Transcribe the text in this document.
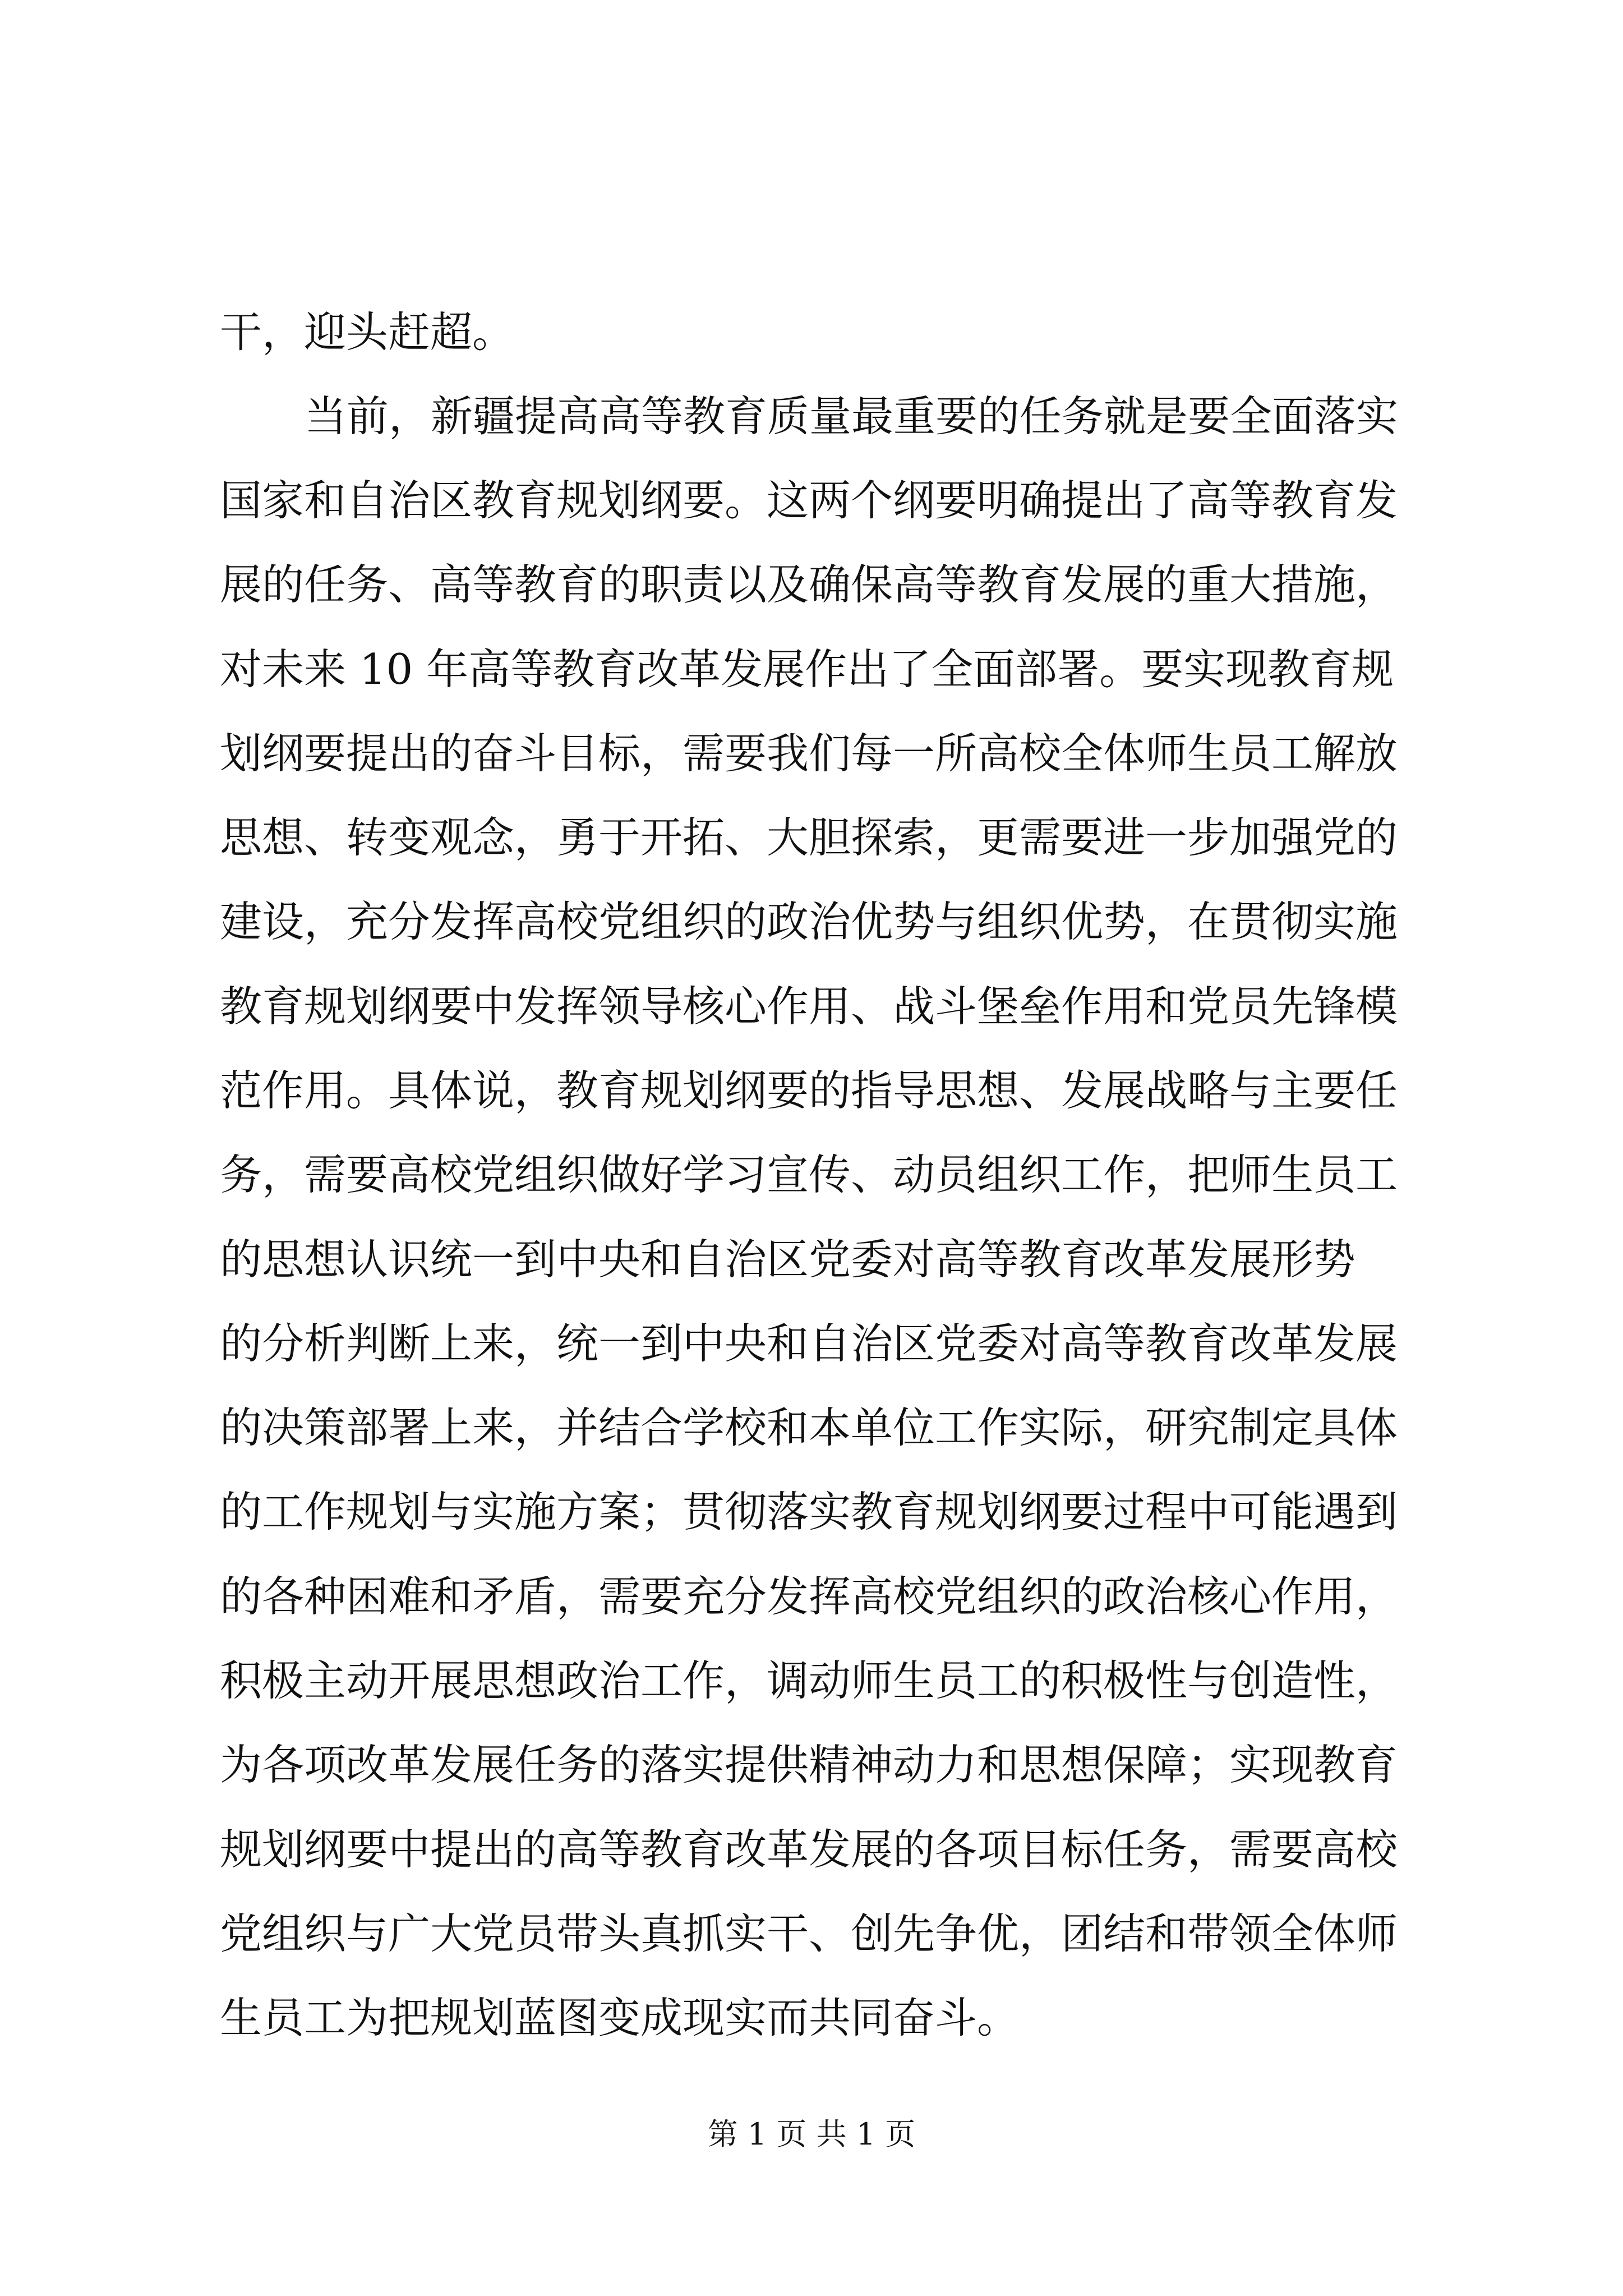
干，迎头赶超。
当前，新疆提高高等教育质量最重要的任务就是要全面落实
国家和自治区教育规划纲要。这两个纲要明确提出了高等教育发
展的任务、高等教育的职责以及确保高等教育发展的重大措施，
对未来 10 年高等教育改革发展作出了全面部署。要实现教育规
划纲要提出的奋斗目标，需要我们每一所高校全体师生员工解放
思想、转变观念，勇于开拓、大胆探索，更需要进一步加强党的
建设，充分发挥高校党组织的政治优势与组织优势，在贯彻实施
教育规划纲要中发挥领导核心作用、战斗堡垒作用和党员先锋模
范作用。具体说，教育规划纲要的指导思想、发展战略与主要任
务，需要高校党组织做好学习宣传、动员组织工作，把师生员工
的思想认识统一到中央和自治区党委对高等教育改革发展形势
的分析判断上来，统一到中央和自治区党委对高等教育改革发展
的决策部署上来，并结合学校和本单位工作实际，研究制定具体
的工作规划与实施方案；贯彻落实教育规划纲要过程中可能遇到
的各种困难和矛盾，需要充分发挥高校党组织的政治核心作用，
积极主动开展思想政治工作，调动师生员工的积极性与创造性，
为各项改革发展任务的落实提供精神动力和思想保障；实现教育
规划纲要中提出的高等教育改革发展的各项目标任务，需要高校
党组织与广大党员带头真抓实干、创先争优，团结和带领全体师
生员工为把规划蓝图变成现实而共同奋斗。
第 1 页 共 1 页
